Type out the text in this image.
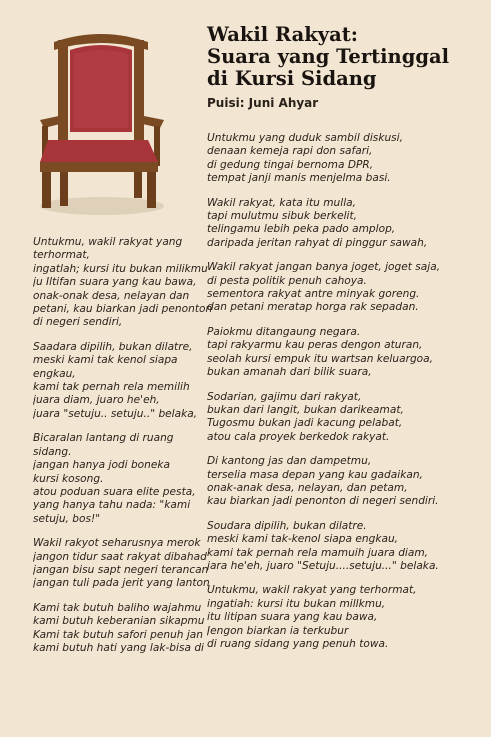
Wakil Rakyat:
Suara yang Tertinggal
di Kursi Sidang
Puisi: Juni Ahyar
Untukmu yang duduk sambil diskusi,
denaan kemeja rapi don safari,
di gedung tingai bernoma DPR,
tempat janji manis menjelma basi.
Wakil rakyat, kata itu mulla,
tapi mulutmu sibuk berkelit,
telingamu lebih peka pado amplop,
daripada jeritan rahyat di pinggur sawah,
Wakil rakyat jangan banya joget, joget saja,
di pesta politik penuh cahoya.
sementora rakyat antre minyak goreng.
dan petani meratap horga rak sepadan.
Paiokmu ditangaung negara.
tapi rakyarmu kau peras dengon aturan,
seolah kursi empuk itu wartsan keluargoa,
bukan amanah dari bilik suara,
Sodarian, gajimu dari rakyat,
bukan dari langit, bukan darikeamat,
Tugosmu bukan jadi kacung pelabat,
atou cala proyek berkedok rakyat.
Di kantong jas dan dampetmu,
terselia masa depan yang kau gadaikan,
onak-anak desa, nelayan, dan petam,
kau biarkan jadi penonton di negeri sendiri.
Soudara dipilih, bukan dilatre.
meski kami tak-kenol siapa engkau,
kami tak pernah rela mamuih juara diam,
jara he'eh, juaro "Setuju....setuju..." belaka.
Untukmu, wakil rakyat yang terhormat,
ingatiah: kursi itu bukan millkmu,
itu litipan suara yang kau bawa,
Jengon biarkan ia terkubur
di ruang sidang yang penuh towa.
Untukmu, wakil rakyat yang
terhormat,
ingatlah; kursi itu bukan milikmu
ju Iltifan suara yang kau bawa,
onak-onak desa, nelayan dan
petani, kau biarkan jadi penonton
di negeri sendiri,
Saadara dipilih, bukan dilatre,
meski kami tak kenol siapa
engkau,
kami tak pernah rela memilih
juara diam, juaro he'eh,
juara "setuju.. setuju.." belaka,
Bicaralan lantang di ruang
sidang.
jangan hanya jodi boneka
kursi kosong.
atou poduan suara elite pesta,
yang hanya tahu nada: "kami
setuju, bos!"
Wakil rakyot seharusnya merok
jangon tidur saat rakyat dibahad
jangan bisu sapt negeri terancan
jangan tuli pada jerit yang lanton
Kami tak butuh baliho wajahmu
kami butuh keberanian sikapmu
Kami tak butuh safori penuh jan
kami butuh hati yang lak-bisa di
